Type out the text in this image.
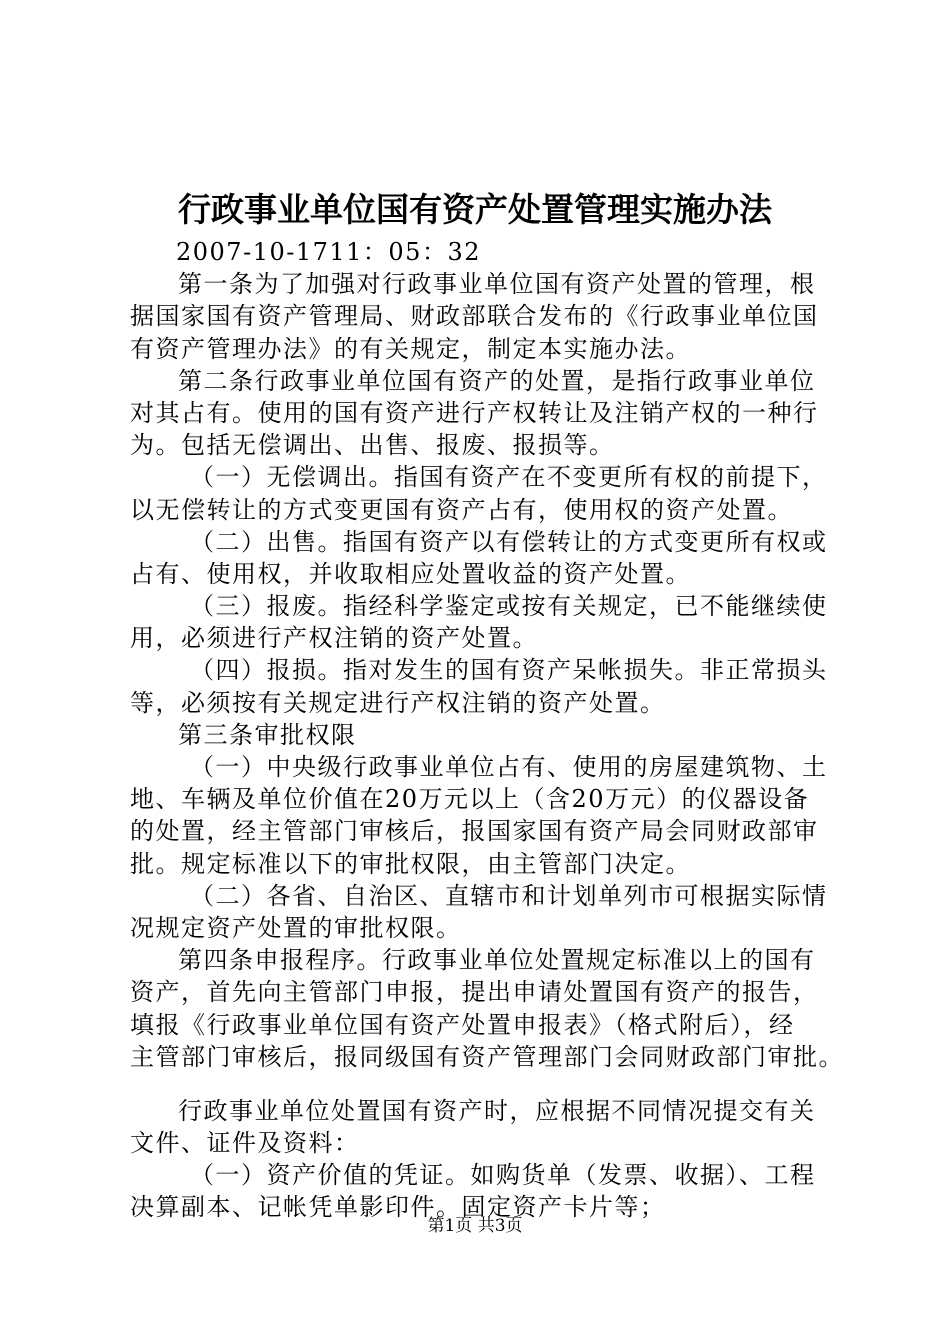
行政事业单位国有资产处置管理实施办法
2007-10-1711：05：32
第一条为了加强对行政事业单位国有资产处置的管理，根
据国家国有资产管理局、财政部联合发布的《行政事业单位国
有资产管理办法》的有关规定，制定本实施办法。
第二条行政事业单位国有资产的处置，是指行政事业单位
对其占有。使用的国有资产进行产权转让及注销产权的一种行
为。包括无偿调出、出售、报废、报损等。
（一）无偿调出。指国有资产在不变更所有权的前提下，
以无偿转让的方式变更国有资产占有，使用权的资产处置。
（二）出售。指国有资产以有偿转让的方式变更所有权或
占有、使用权，并收取相应处置收益的资产处置。
（三）报废。指经科学鉴定或按有关规定，已不能继续使
用，必须进行产权注销的资产处置。
（四）报损。指对发生的国有资产呆帐损失。非正常损头
等，必须按有关规定进行产权注销的资产处置。
第三条审批权限
（一）中央级行政事业单位占有、使用的房屋建筑物、土
地、车辆及单位价值在20万元以上（含20万元）的仪器设备
的处置，经主管部门审核后，报国家国有资产局会同财政部审
批。规定标准以下的审批权限，由主管部门决定。
（二）各省、自治区、直辖市和计划单列市可根据实际情
况规定资产处置的审批权限。
第四条申报程序。行政事业单位处置规定标准以上的国有
资产，首先向主管部门申报，提出申请处置国有资产的报告，
填报《行政事业单位国有资产处置申报表》（格式附后），经
主管部门审核后，报同级国有资产管理部门会同财政部门审批。
行政事业单位处置国有资产时，应根据不同情况提交有关
文件、证件及资料：
（一）资产价值的凭证。如购货单（发票、收据）、工程
决算副本、记帐凭单影印件。固定资产卡片等；
第1页 共3页
